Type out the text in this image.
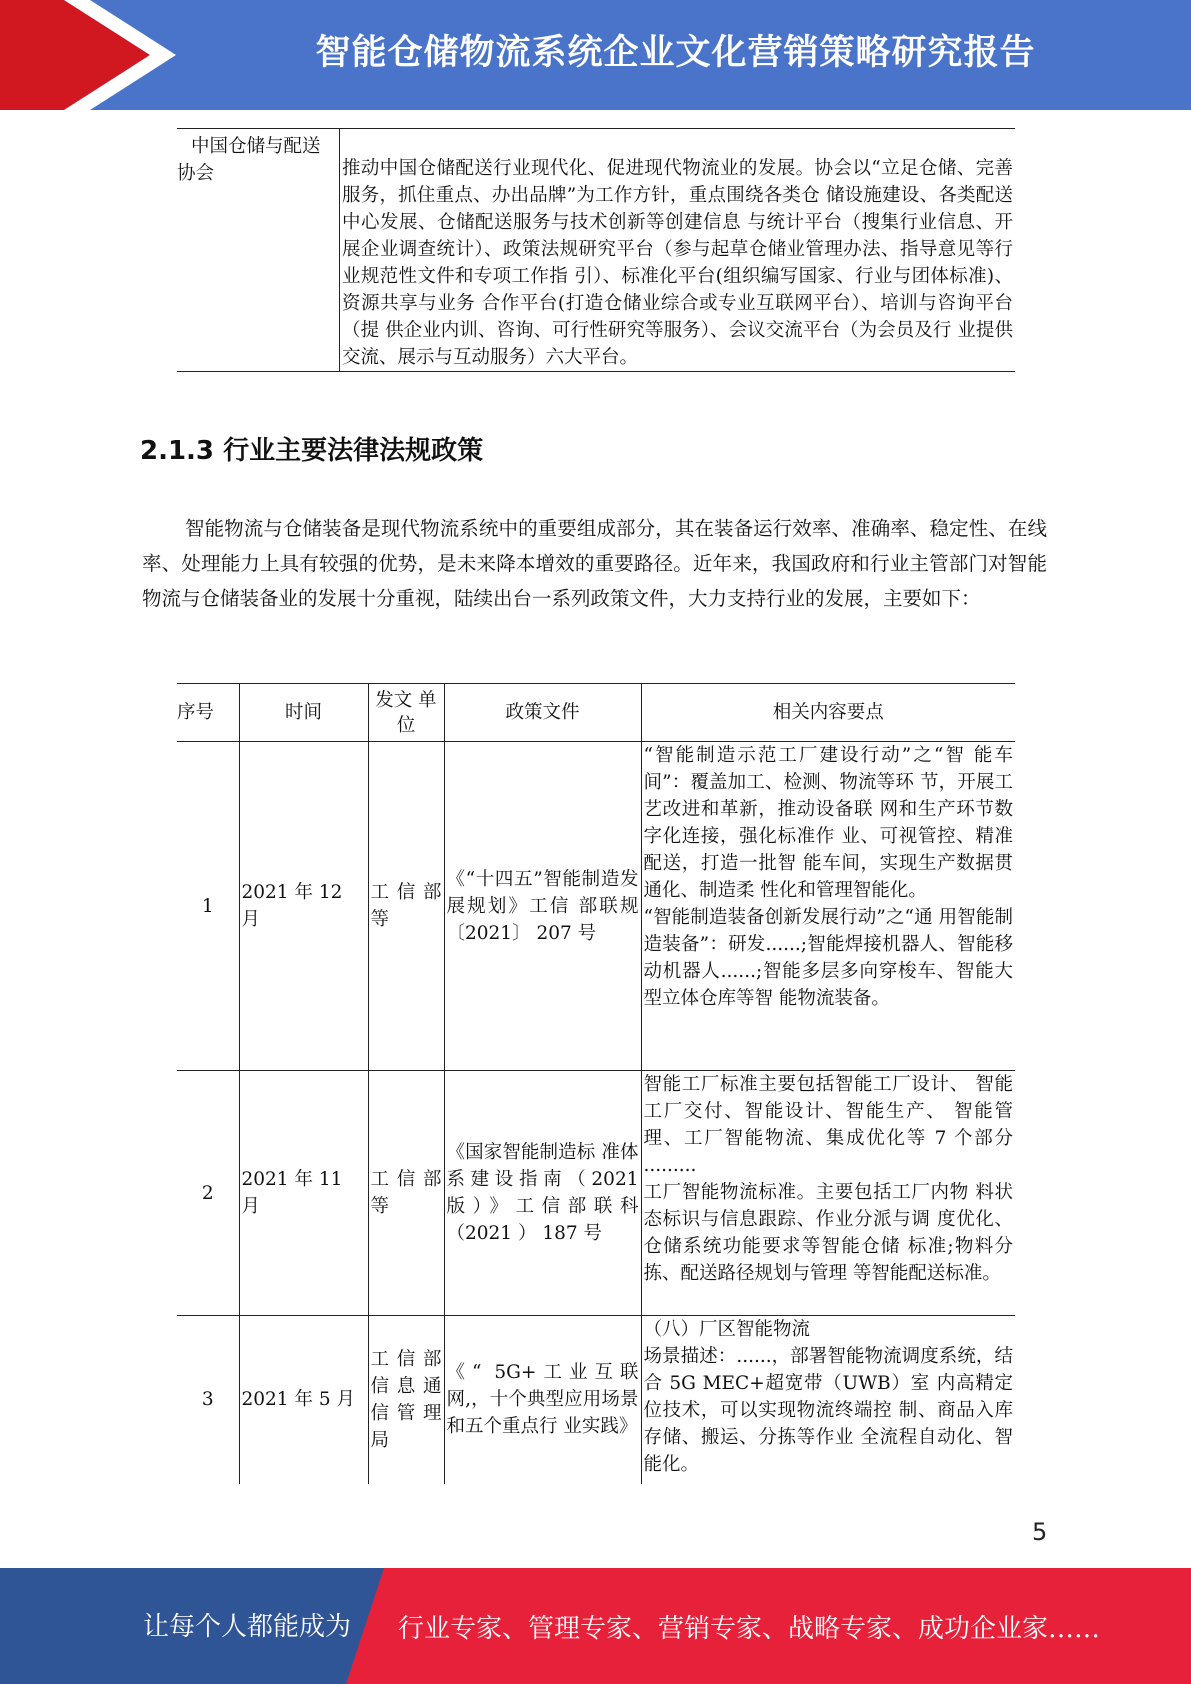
智能仓储物流系统企业文化营销策略研究报告
中国仓储与配送
协会	推动中国仓储配送行业现代化、促进现代物流业的发展。协会以“立足仓储、完善服务，抓住重点、办出品牌”为工作方针，重点围绕各类仓 储设施建设、各类配送中心发展、仓储配送服务与技术创新等创建信息 与统计平台（搜集行业信息、开展企业调查统计）、政策法规研究平台（参与起草仓储业管理办法、指导意见等行业规范性文件和专项工作指 引）、标准化平台(组织编写国家、行业与团体标准)、资源共享与业务 合作平台(打造仓储业综合或专业互联网平台）、培训与咨询平台（提 供企业内训、咨询、可行性研究等服务）、会议交流平台（为会员及行 业提供交流、展示与互动服务）六大平台。
2.1.3 行业主要法律法规政策

智能物流与仓储装备是现代物流系统中的重要组成部分，其在装备运行效率、准确率、稳定性、在线率、处理能力上具有较强的优势，是未来降本增效的重要路径。近年来，我国政府和行业主管部门对智能物流与仓储装备业的发展十分重视，陆续出台一系列政策文件，大力支持行业的发展，主要如下：

序号	时间	发文 单位	政策文件	相关内容要点
1	2021 年 12 月	工信部等	《“十四五”智能制造发展规划》工信 部联规〔2021〕 207 号	“智能制造示范工厂建设行动”之“智 能车间”：覆盖加工、检测、物流等环 节，开展工艺改进和革新，推动设备联 网和生产环节数字化连接，强化标准作 业、可视管控、精准配送，打造一批智 能车间，实现生产数据贯通化、制造柔 性化和管理智能化。
“智能制造装备创新发展行动”之“通 用智能制造装备”：研发......;智能焊接机器人、智能移动机器人......;智能多层多向穿梭车、智能大型立体仓库等智 能物流装备。

2	2021 年 11 月	工信部等	《国家智能制造标 准体系建设指南（2021 版）》工信部联科（2021 ） 187 号	智能工厂标准主要包括智能工厂设计、 智能工厂交付、智能设计、智能生产、 智能管理、工厂智能物流、集成优化等 7 个部分 .........
工厂智能物流标准。主要包括工厂内物 料状态标识与信息跟踪、作业分派与调 度优化、仓储系统功能要求等智能仓储 标准;物料分拣、配送路径规划与管理 等智能配送标准。

3	2021 年 5 月	工信部信息通信管理局	《“ 5G+工业互联网,，十个典型应用场景和五个重点行 业实践》	（八）厂区智能物流
场景描述：......，部署智能物流调度系统，结合 5G MEC+超宽带（UWB）室 内高精定位技术，可以实现物流终端控 制、商品入库存储、搬运、分拣等作业 全流程自动化、智能化。
5
让每个人都能成为 行业专家、管理专家、营销专家、战略专家、成功企业家……
